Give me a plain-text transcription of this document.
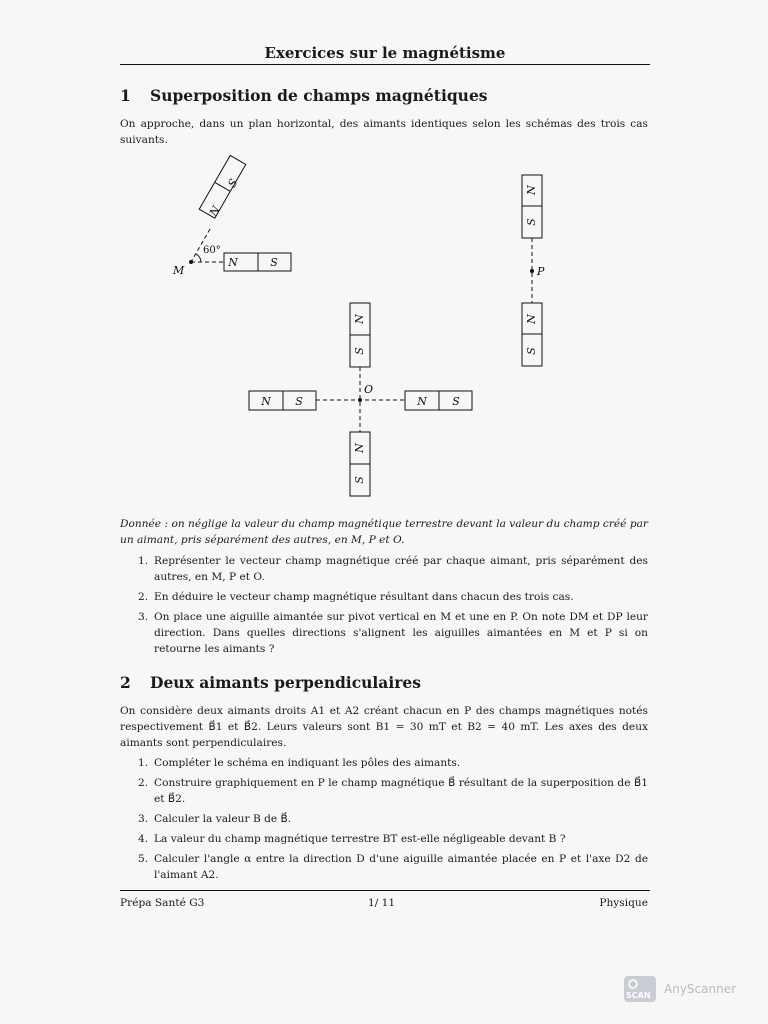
Exercices sur le magnétisme
1 Superposition de champs magnétiques
On approche, dans un plan horizontal, des aimants identiques selon les schémas des trois cas suivants.
N	S
N
S
60°
M
N
S
P
N
S
N
S
N
S
N S	N S
O
Donnée : on néglige la valeur du champ magnétique terrestre devant la valeur du champ créé par un aimant, pris séparément des autres, en M, P et O.
1. Représenter le vecteur champ magnétique créé par chaque aimant, pris séparément des autres, en M, P et O.
2. En déduire le vecteur champ magnétique résultant dans chacun des trois cas.
3. On place une aiguille aimantée sur pivot vertical en M et une en P. On note DM et DP leur direction. Dans quelles directions s'alignent les aiguilles aimantées en M et P si on retourne les aimants ?
2 Deux aimants perpendiculaires
On considère deux aimants droits A1 et A2 créant chacun en P des champs magnétiques notés respectivement B⃗1 et B⃗2. Leurs valeurs sont B1 = 30 mT et B2 = 40 mT. Les axes des deux aimants sont perpendiculaires.
1. Compléter le schéma en indiquant les pôles des aimants.
2. Construire graphiquement en P le champ magnétique B⃗ résultant de la superposition de B⃗1 et B⃗2.
3. Calculer la valeur B de B⃗.
4. La valeur du champ magnétique terrestre BT est-elle négligeable devant B ?
5. Calculer l'angle α entre la direction D d'une aiguille aimantée placée en P et l'axe D2 de l'aimant A2.
Prépa Santé G3	1/ 11	Physique
SCAN AnyScanner
